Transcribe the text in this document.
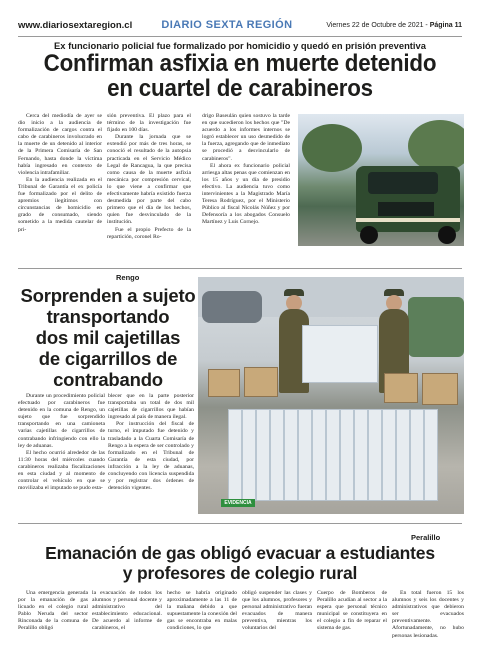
www.diariosextaregion.cl	DIARIO SEXTA REGIÓN	Viernes 22 de Octubre de 2021 - Página 11
Ex funcionario policial fue formalizado por homicidio y quedó en prisión preventiva
Confirman asfixia en muerte detenido
en cuartel de carabineros

Cerca del mediodía de ayer se dio inicio a la audiencia de formalización de cargos contra el cabo de carabineros involucrado en la muerte de un detenido al interior de la Primera Comisaría de San Fernando, hasta donde la víctima había ingresado en contexto de violencia intrafamiliar.

En la audiencia realizada en el Tribunal de Garantía el ex policía fue formalizado por el delito de apremios ilegítimos con circunstancias de homicidio en grado de consumado, siendo sometido a la medida cautelar de pri-

sión preventiva. El plazo para el término de la investigación fue fijado en 100 días.

Durante la jornada que se extendió por más de tres horas, se conoció el resultado de la autopsia practicada en el Servicio Médico Legal de Rancagua, la que precisa como causa de la muerte asfixia mecánica por compresión cervical, lo que viene a confirmar que efectivamente habría existido fuerza desmedida por parte del cabo primero que el día de los hechos, quien fue desvinculado de la institución.

Fue el propio Prefecto de la repartición, coronel Ro-

drigo Baseulán quien sostuvo la tarde en que sucedieron los hechos que "De acuerdo a los informes internos se logró establecer un uso desmedido de la fuerza, agregando que de inmediato se procedió a desvincularlo de carabineros".

El ahora ex funcionario policial arriesga altas penas que comienzan en los 15 años y un día de presidio efectivo. La audiencia tuvo como intervinientes a la Magistrado María Teresa Rodríguez, por el Ministerio Público al fiscal Nicolás Núñez y por Defensoría a los abogados Consuelo Martínez y Luis Cornejo.

Rengo
Sorprenden a sujeto
transportando
dos mil cajetillas
de cigarrillos de
contrabando

Durante un procedimiento policial efectuado por carabineros fue detenido en la comuna de Rengo, un sujeto que fue sorprendido transportando en una camioneta varias cajetillas de cigarrillos de contrabando infringiendo con ello la ley de aduanas.

El hecho ocurrió alrededor de las 11:30 horas del miércoles cuando carabineros realizaba fiscalizaciones en esta ciudad y al momento de controlar el vehículo en que se movilizaba el imputado se pudo esta-

blecer que en la parte posterior transportaba un total de dos mil cajetillas de cigarrillos que habían ingresado al país de manera ilegal.

Por instrucción del fiscal de turno, el imputado fue detenido y trasladado a la Cuarta Comisaría de Rengo a la espera de ser controlado y formalizado en el Tribunal de Garantía de esta ciudad, por infracción a la ley de aduanas, concluyendo con licencia suspendida y por registrar dos órdenes de detención vigentes.

EVIDENCIA
Peralillo
Emanación de gas obligó evacuar a estudiantes
y profesores de colegio rural

Una emergencia generada por la emanación de gas licuado en el colegio rural Pablo Neruda del sector Rinconada de la comuna de Peralillo obligó

la evacuación de todos los alumnos y personal docente y administrativo del establecimiento educacional. De acuerdo al informe de carabineros, el

hecho se habría originado aproximadamente a las 11 de la mañana debido a que supuestamente la conexión del gas se encontraba en malas condiciones, lo que

obligó suspender las clases y que los alumnos, profesores y personal administrativo fueran evacuados de manera preventiva, mientras los voluntarios del

Cuerpo de Bomberos de Peralillo acudían al sector a la espera que personal técnico municipal se constituyera en el colegio a fin de reparar el sistema de gas.

En total fueron 15 los alumnos y seis los docentes y administrativos que debieron ser evacuados preventivamente. Afortunadamente, no hubo personas lesionadas.
